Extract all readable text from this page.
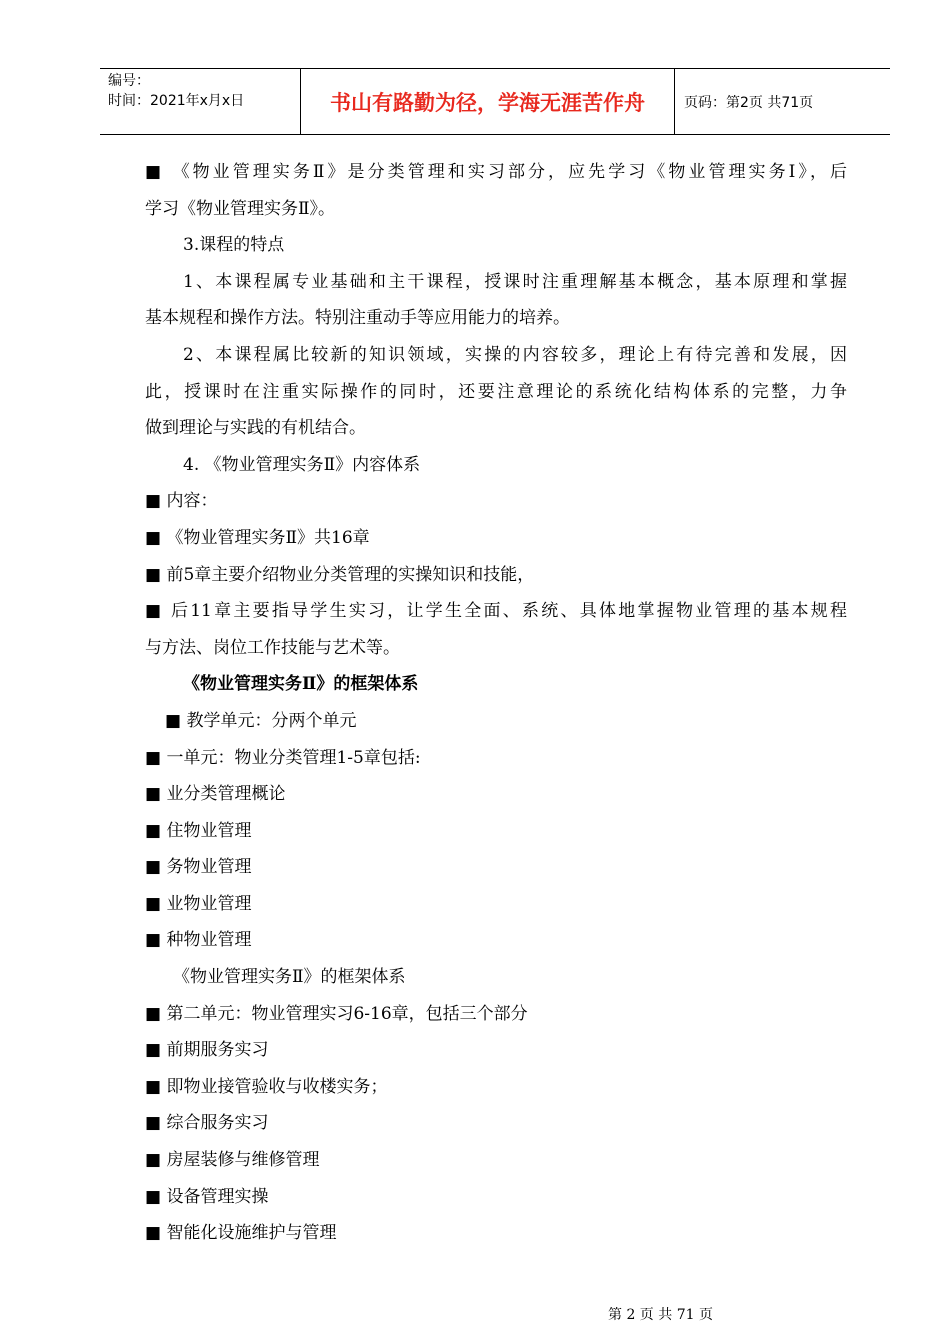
编号：
时间：2021年x月x日	书山有路勤为径，学海无涯苦作舟	页码：第2页 共71页
■ 《物业管理实务Ⅱ》是分类管理和实习部分，应先学习《物业管理实务Ⅰ》，后
学习《物业管理实务Ⅱ》。
3.课程的特点
1、本课程属专业基础和主干课程，授课时注重理解基本概念，基本原理和掌握
基本规程和操作方法。特别注重动手等应用能力的培养。
2、本课程属比较新的知识领域，实操的内容较多，理论上有待完善和发展，因
此，授课时在注重实际操作的同时，还要注意理论的系统化结构体系的完整，力争
做到理论与实践的有机结合。
4. 《物业管理实务Ⅱ》内容体系
■ 内容：
■ 《物业管理实务Ⅱ》共16章
■ 前5章主要介绍物业分类管理的实操知识和技能，
■ 后11章主要指导学生实习，让学生全面、系统、具体地掌握物业管理的基本规程
与方法、岗位工作技能与艺术等。
《物业管理实务Ⅱ》的框架体系
■ 教学单元：分两个单元
■ 一单元：物业分类管理1-5章包括:
■ 业分类管理概论
■ 住物业管理
■ 务物业管理
■ 业物业管理
■ 种物业管理
《物业管理实务Ⅱ》的框架体系
■ 第二单元：物业管理实习6-16章，包括三个部分
■ 前期服务实习
■ 即物业接管验收与收楼实务；
■ 综合服务实习
■ 房屋装修与维修管理
■ 设备管理实操
■ 智能化设施维护与管理
第 2 页 共 71 页
